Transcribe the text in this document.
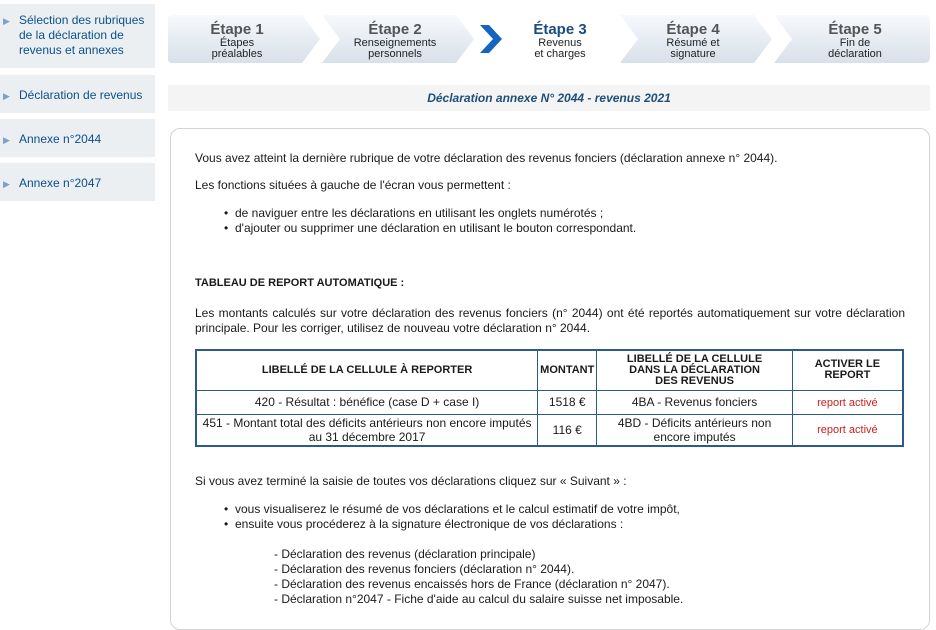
▶ Sélection des rubriques de la déclaration de revenus et annexes
▶ Déclaration de revenus
▶ Annexe n°2044
▶ Annexe n°2047
Étape 1
Étapes
préalables
Étape 2
Renseignements
personnels
Étape 3
Revenus
et charges
Étape 4
Résumé et
signature
Étape 5
Fin de
déclaration
Déclaration annexe N° 2044 - revenus 2021

Vous avez atteint la dernière rubrique de votre déclaration des revenus fonciers (déclaration annexe n° 2044).

Les fonctions situées à gauche de l'écran vous permettent :

• de naviguer entre les déclarations en utilisant les onglets numérotés ;
• d'ajouter ou supprimer une déclaration en utilisant le bouton correspondant.

TABLEAU DE REPORT AUTOMATIQUE :

Les montants calculés sur votre déclaration des revenus fonciers (n° 2044) ont été reportés automatiquement sur votre déclaration principale. Pour les corriger, utilisez de nouveau votre déclaration n° 2044.

LIBELLÉ DE LA CELLULE À REPORTER	MONTANT	LIBELLÉ DE LA CELLULE
DANS LA DÉCLARATION
DES REVENUS	ACTIVER LE REPORT
420 - Résultat : bénéfice (case D + case I)	1518 €	4BA - Revenus fonciers	report activé
451 - Montant total des déficits antérieurs non encore imputés au 31 décembre 2017	116 €	4BD - Déficits antérieurs non encore imputés	report activé

Si vous avez terminé la saisie de toutes vos déclarations cliquez sur « Suivant » :

• vous visualiserez le résumé de vos déclarations et le calcul estimatif de votre impôt,
• ensuite vous procéderez à la signature électronique de vos déclarations :
- Déclaration des revenus (déclaration principale)
- Déclaration des revenus fonciers (déclaration n° 2044).
- Déclaration des revenus encaissés hors de France (déclaration n° 2047).
- Déclaration n°2047 - Fiche d'aide au calcul du salaire suisse net imposable.
